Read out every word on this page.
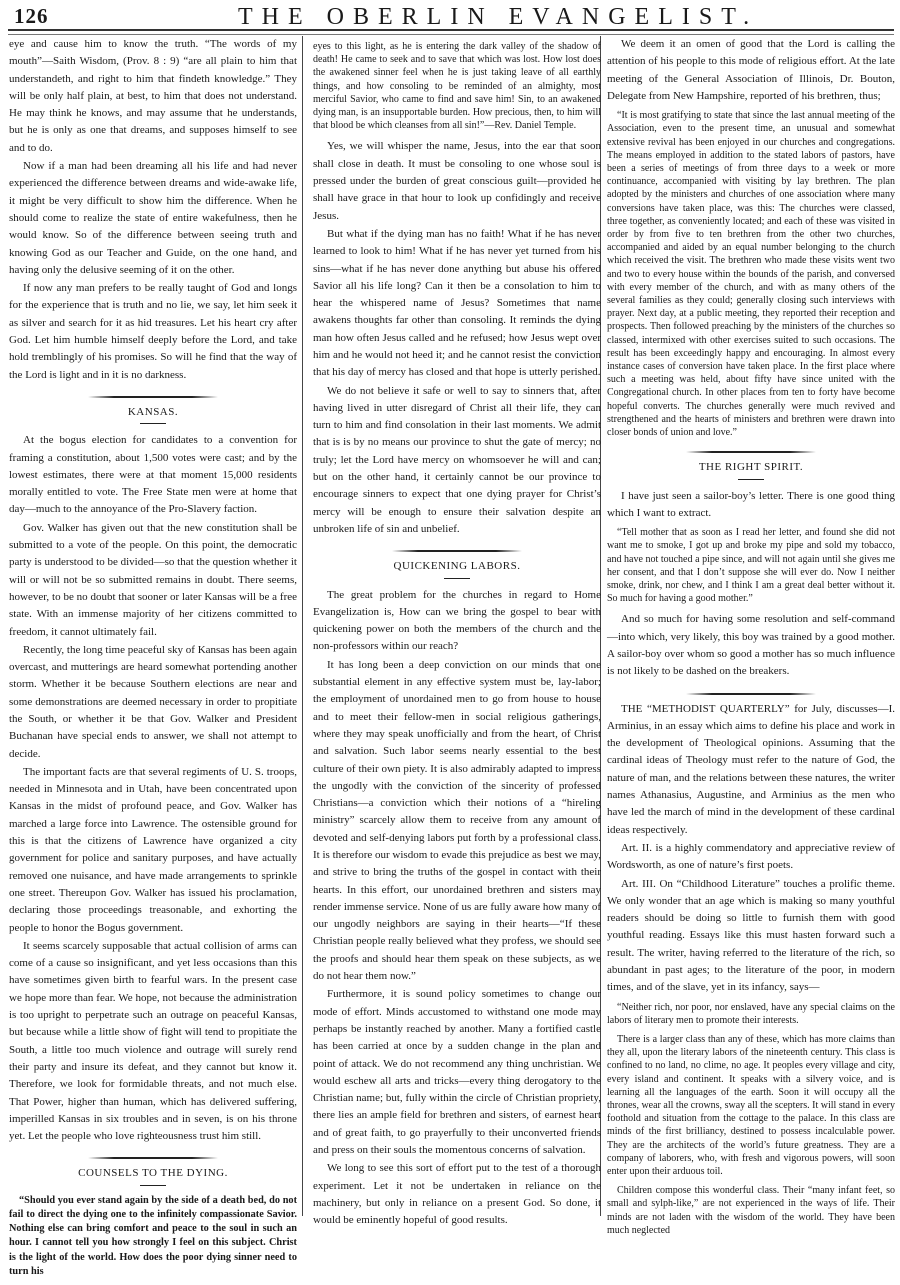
126	THE OBERLIN EVANGELIST.

eye and cause him to know the truth. “The words of my mouth”—Saith Wisdom, (Prov. 8 : 9) “are all plain to him that understandeth, and right to him that findeth knowledge.” They will be only half plain, at best, to him that does not understand. He may think he knows, and may assume that he understands, but he is only as one that dreams, and supposes himself to see and to do.

Now if a man had been dreaming all his life and had never experienced the difference between dreams and wide-awake life, it might be very difficult to show him the difference. When he should come to realize the state of entire wakefulness, then he would know. So of the difference between seeing truth and knowing God as our Teacher and Guide, on the one hand, and having only the delusive seeming of it on the other.

If now any man prefers to be really taught of God and longs for the experience that is truth and no lie, we say, let him seek it as silver and search for it as hid treasures. Let his heart cry after God. Let him humble himself deeply before the Lord, and take hold tremblingly of his promises. So will he find that the way of the Lord is light and in it is no darkness.

KANSAS.

At the bogus election for candidates to a convention for framing a constitution, about 1,500 votes were cast; and by the lowest estimates, there were at that moment 15,000 residents morally entitled to vote. The Free State men were at home that day—much to the annoyance of the Pro-Slavery faction.

Gov. Walker has given out that the new constitution shall be submitted to a vote of the people. On this point, the democratic party is understood to be divided—so that the question whether it will or will not be so submitted remains in doubt. There seems, however, to be no doubt that sooner or later Kansas will be a free state. With an immense majority of her citizens committed to freedom, it cannot ultimately fail.

Recently, the long time peaceful sky of Kansas has been again overcast, and mutterings are heard somewhat portending another storm. Whether it be because Southern elections are near and some demonstrations are deemed necessary in order to propitiate the South, or whether it be that Gov. Walker and President Buchanan have special ends to answer, we shall not attempt to decide.

The important facts are that several regiments of U. S. troops, needed in Minnesota and in Utah, have been concentrated upon Kansas in the midst of profound peace, and Gov. Walker has marched a large force into Lawrence. The ostensible ground for this is that the citizens of Lawrence have organized a city government for police and sanitary purposes, and have actually removed one nuisance, and have made arrangements to sprinkle one street. Thereupon Gov. Walker has issued his proclamation, declaring those proceedings treasonable, and exhorting the people to honor the Bogus government.

It seems scarcely supposable that actual collision of arms can come of a cause so insignificant, and yet less occasions than this have sometimes given birth to fearful wars. In the present case we hope more than fear. We hope, not because the administration is too upright to perpetrate such an outrage on peaceful Kansas, but because while a little show of fight will tend to propitiate the South, a little too much violence and outrage will surely rend their party and insure its defeat, and they cannot but know it. Therefore, we look for formidable threats, and not much else. That Power, higher than human, which has delivered suffering, imperilled Kansas in six troubles and in seven, is on his throne yet. Let the people who love righteousness trust him still.

COUNSELS TO THE DYING.

“Should you ever stand again by the side of a death bed, do not fail to direct the dying one to the infinitely compassionate Savior. Nothing else can bring comfort and peace to the soul in such an hour. I cannot tell you how strongly I feel on this subject. Christ is the light of the world. How does the poor dying sinner need to turn his

eyes to this light, as he is entering the dark valley of the shadow of death! He came to seek and to save that which was lost. How lost does the awakened sinner feel when he is just taking leave of all earthly things, and how consoling to be reminded of an almighty, most merciful Savior, who came to find and save him! Sin, to an awakened dying man, is an insupportable burden. How precious, then, to him will that blood be which cleanses from all sin!”—Rev. Daniel Temple.

Yes, we will whisper the name, Jesus, into the ear that soon shall close in death. It must be consoling to one whose soul is pressed under the burden of great conscious guilt—provided he shall have grace in that hour to look up confidingly and receive Jesus.

But what if the dying man has no faith! What if he has never learned to look to him! What if he has never yet turned from his sins—what if he has never done anything but abuse his offered Savior all his life long? Can it then be a consolation to him to hear the whispered name of Jesus? Sometimes that name awakens thoughts far other than consoling. It reminds the dying man how often Jesus called and he refused; how Jesus wept over him and he would not heed it; and he cannot resist the conviction that his day of mercy has closed and that hope is utterly perished.

We do not believe it safe or well to say to sinners that, after having lived in utter disregard of Christ all their life, they can turn to him and find consolation in their last moments. We admit that is is by no means our province to shut the gate of mercy; no truly; let the Lord have mercy on whomsoever he will and can; but on the other hand, it certainly cannot be our province to encourage sinners to expect that one dying prayer for Christ’s mercy will be enough to ensure their salvation despite an unbroken life of sin and unbelief.

QUICKENING LABORS.

The great problem for the churches in regard to Home Evangelization is, How can we bring the gospel to bear with quickening power on both the members of the church and the non-professors within our reach?

It has long been a deep conviction on our minds that one substantial element in any effective system must be, lay-labor; the employment of unordained men to go from house to house and to meet their fellow-men in social religious gatherings, where they may speak unofficially and from the heart, of Christ and salvation. Such labor seems nearly essential to the best culture of their own piety. It is also admirably adapted to impress the ungodly with the conviction of the sincerity of professed Christians—a conviction which their notions of a “hireling ministry” scarcely allow them to receive from any amount of devoted and self-denying labors put forth by a professional class. It is therefore our wisdom to evade this prejudice as best we may, and strive to bring the truths of the gospel in contact with their hearts. In this effort, our unordained brethren and sisters may render immense service. None of us are fully aware how many of our ungodly neighbors are saying in their hearts—“If these Christian people really believed what they profess, we should see the proofs and should hear them speak on these subjects, as we do not hear them now.”

Furthermore, it is sound policy sometimes to change our mode of effort. Minds accustomed to withstand one mode may perhaps be instantly reached by another. Many a fortified castle has been carried at once by a sudden change in the plan and point of attack. We do not recommend any thing unchristian. We would eschew all arts and tricks—every thing derogatory to the Christian name; but, fully within the circle of Christian propriety, there lies an ample field for brethren and sisters, of earnest heart and of great faith, to go prayerfully to their unconverted friends and press on their souls the momentous concerns of salvation.

We long to see this sort of effort put to the test of a thorough experiment. Let it not be undertaken in reliance on the machinery, but only in reliance on a present God. So done, it would be eminently hopeful of good results.

We deem it an omen of good that the Lord is calling the attention of his people to this mode of religious effort. At the late meeting of the General Association of Illinois, Dr. Bouton, Delegate from New Hampshire, reported of his brethren, thus;

“It is most gratifying to state that since the last annual meeting of the Association, even to the present time, an unusual and somewhat extensive revival has been enjoyed in our churches and congregations. The means employed in addition to the stated labors of pastors, have been a series of meetings of from three days to a week or more continuance, accompanied with visiting by lay brethren. The plan adopted by the ministers and churches of one association where many conversions have taken place, was this: The churches were classed, three together, as conveniently located; and each of these was visited in order by from five to ten brethren from the other two churches, accompanied and aided by an equal number belonging to the church which received the visit. The brethren who made these visits went two and two to every house within the bounds of the parish, and conversed with every member of the church, and with as many others of the several families as they could; generally closing such interviews with prayer. Next day, at a public meeting, they reported their reception and prospects. Then followed preaching by the ministers of the churches so classed, intermixed with other exercises suited to such occasions. The result has been exceedingly happy and encouraging. In almost every instance cases of conversion have taken place. In the first place where such a meeting was held, about fifty have since united with the Congregational church. In other places from ten to forty have become hopeful converts. The churches generally were much revived and strengthened and the hearts of ministers and brethren were drawn into closer bonds of union and love.”

THE RIGHT SPIRIT.

I have just seen a sailor-boy’s letter. There is one good thing which I want to extract.

“Tell mother that as soon as I read her letter, and found she did not want me to smoke, I got up and broke my pipe and sold my tobacco, and have not touched a pipe since, and will not again until she gives me her consent, and that I don’t suppose she will ever do. Now I neither smoke, drink, nor chew, and I think I am a great deal better without it. So much for having a good mother.”

And so much for having some resolution and self-command—into which, very likely, this boy was trained by a good mother. A sailor-boy over whom so good a mother has so much influence is not likely to be dashed on the breakers.

THE “METHODIST QUARTERLY” for July, discusses—I. Arminius, in an essay which aims to define his place and work in the development of Theological opinions. Assuming that the cardinal ideas of Theology must refer to the nature of God, the nature of man, and the relations between these natures, the writer names Athanasius, Augustine, and Arminius as the men who have led the march of mind in the development of these cardinal ideas respectively.

Art. II. is a highly commendatory and appreciative review of Wordsworth, as one of nature’s first poets.

Art. III. On “Childhood Literature” touches a prolific theme. We only wonder that an age which is making so many youthful readers should be doing so little to furnish them with good youthful reading. Essays like this must hasten forward such a result. The writer, having referred to the literature of the rich, so abundant in past ages; to the literature of the poor, in modern times, and of the slave, yet in its infancy, says—

“Neither rich, nor poor, nor enslaved, have any special claims on the labors of literary men to promote their interests.

There is a larger class than any of these, which has more claims than they all, upon the literary labors of the nineteenth century. This class is confined to no land, no clime, no age. It peoples every village and city, every island and continent. It speaks with a silvery voice, and is learning all the languages of the earth. Soon it will occupy all the thrones, wear all the crowns, sway all the scepters. It will stand in every foothold and situation from the cottage to the palace. In this class are minds of the first brilliancy, destined to possess incalculable power. They are the architects of the world’s future greatness. They are a company of laborers, who, with fresh and vigorous powers, will soon enter upon their arduous toil.

Children compose this wonderful class. Their “many infant feet, so small and sylph-like,” are not experienced in the ways of life. Their minds are not laden with the wisdom of the world. They have been much neglected
